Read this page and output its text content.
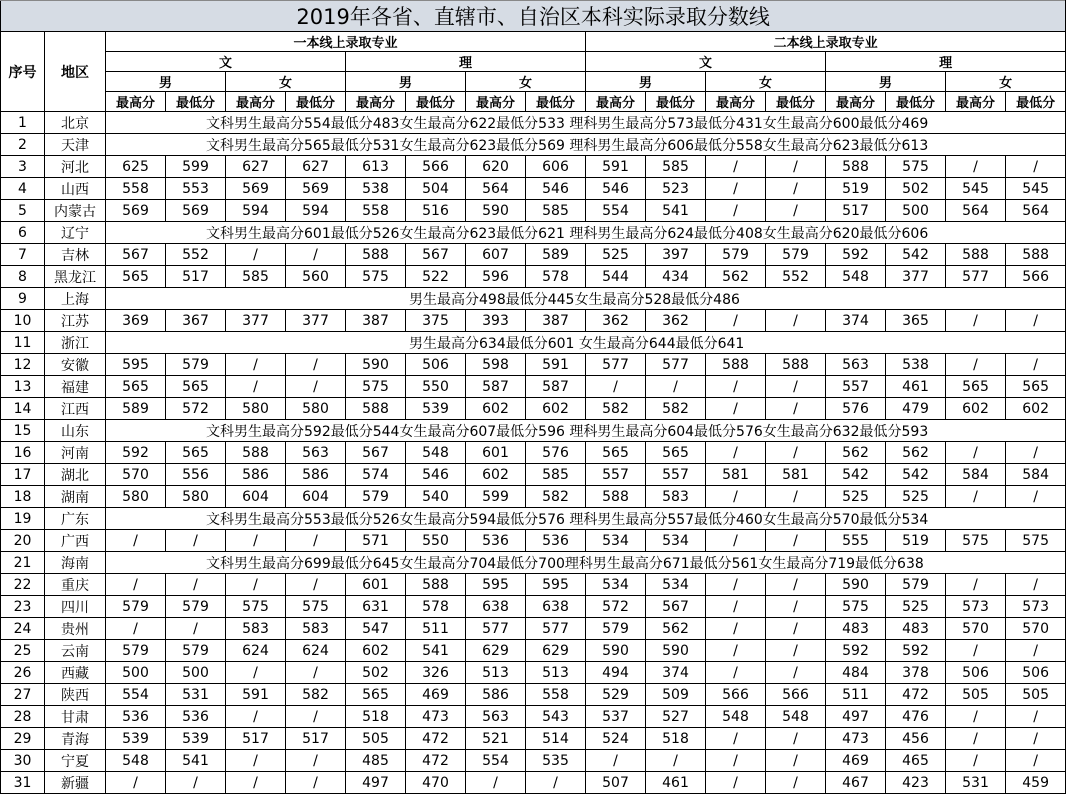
2019年各省、直辖市、自治区本科实际录取分数线																	
序号	地区	一本线上录取专业								二本线上录取专业							
		文				理				文				理			
		男		女		男		女		男		女		男		女	
		最高分	最低分	最高分	最低分	最高分	最低分	最高分	最低分	最高分	最低分	最高分	最低分	最高分	最低分	最高分	最低分
1	北京	文科男生最高分554最低分483女生最高分622最低分533 理科男生最高分573最低分431女生最高分600最低分469															
2	天津	文科男生最高分565最低分531女生最高分623最低分569 理科男生最高分606最低分558女生最高分623最低分613															
3	河北	625	599	627	627	613	566	620	606	591	585	/	/	588	575	/	/
4	山西	558	553	569	569	538	504	564	546	546	523	/	/	519	502	545	545
5	内蒙古	569	569	594	594	558	516	590	585	554	541	/	/	517	500	564	564
6	辽宁	文科男生最高分601最低分526女生最高分623最低分621 理科男生最高分624最低分408女生最高分620最低分606															
7	吉林	567	552	/	/	588	567	607	589	525	397	579	579	592	542	588	588
8	黑龙江	565	517	585	560	575	522	596	578	544	434	562	552	548	377	577	566
9	上海	男生最高分498最低分445女生最高分528最低分486															
10	江苏	369	367	377	377	387	375	393	387	362	362	/	/	374	365	/	/
11	浙江	男生最高分634最低分601 女生最高分644最低分641															
12	安徽	595	579	/	/	590	506	598	591	577	577	588	588	563	538	/	/
13	福建	565	565	/	/	575	550	587	587	/	/	/	/	557	461	565	565
14	江西	589	572	580	580	588	539	602	602	582	582	/	/	576	479	602	602
15	山东	文科男生最高分592最低分544女生最高分607最低分596 理科男生最高分604最低分576女生最高分632最低分593															
16	河南	592	565	588	563	567	548	601	576	565	565	/	/	562	562	/	/
17	湖北	570	556	586	586	574	546	602	585	557	557	581	581	542	542	584	584
18	湖南	580	580	604	604	579	540	599	582	588	583	/	/	525	525	/	/
19	广东	文科男生最高分553最低分526女生最高分594最低分576 理科男生最高分557最低分460女生最高分570最低分534															
20	广西	/	/	/	/	571	550	536	536	534	534	/	/	555	519	575	575
21	海南	文科男生最高分699最低分645女生最高分704最低分700理科男生最高分671最低分561女生最高分719最低分638															
22	重庆	/	/	/	/	601	588	595	595	534	534	/	/	590	579	/	/
23	四川	579	579	575	575	631	578	638	638	572	567	/	/	575	525	573	573
24	贵州	/	/	583	583	547	511	577	577	579	562	/	/	483	483	570	570
25	云南	579	579	624	624	602	541	629	629	590	590	/	/	592	592	/	/
26	西藏	500	500	/	/	502	326	513	513	494	374	/	/	484	378	506	506
27	陕西	554	531	591	582	565	469	586	558	529	509	566	566	511	472	505	505
28	甘肃	536	536	/	/	518	473	563	543	537	527	548	548	497	476	/	/
29	青海	539	539	517	517	505	472	521	514	524	518	/	/	473	456	/	/
30	宁夏	548	541	/	/	485	472	554	535	/	/	/	/	469	465	/	/
31	新疆	/	/	/	/	497	470	/	/	507	461	/	/	467	423	531	459
